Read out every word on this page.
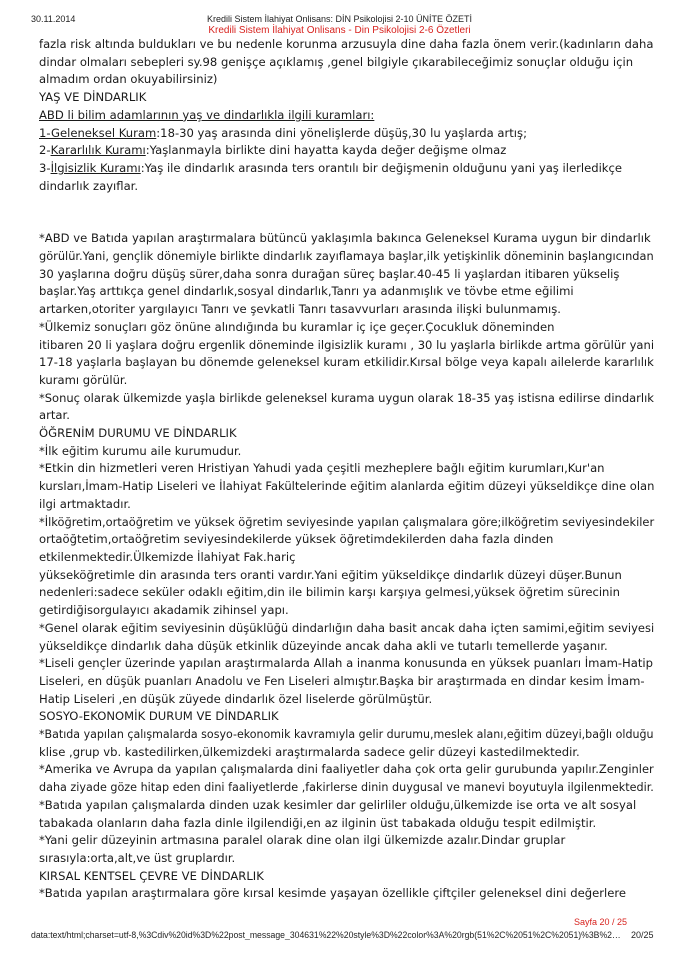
30.11.2014	Kredili Sistem İlahiyat Onlisans: DİN Psikolojisi 2-10 ÜNİTE ÖZETİ
Kredili Sistem İlahiyat Onlisans - Din Psikolojisi 2-6 Özetleri
fazla risk altında buldukları ve bu nedenle korunma arzusuyla dine daha fazla önem verir.(kadınların daha
dindar olmaları sebepleri sy.98 genişçe açıklamış ,genel bilgiyle çıkarabileceğimiz sonuçlar olduğu için
almadım ordan okuyabilirsiniz)
YAŞ VE DİNDARLIK
ABD li bilim adamlarının yaş ve dindarlıkla ilgili kuramları:
1-Geleneksel Kuram:18-30 yaş arasında dini yönelişlerde düşüş,30 lu yaşlarda artış;
2-Kararlılık Kuramı:Yaşlanmayla birlikte dini hayatta kayda değer değişme olmaz
3-İlgisizlik Kuramı:Yaş ile dindarlık arasında ters orantılı bir değişmenin olduğunu yani yaş ilerledikçe
dindarlık zayıflar.
*ABD ve Batıda yapılan araştırmalara bütüncü yaklaşımla bakınca Geleneksel Kurama uygun bir dindarlık
görülür.Yani, gençlik dönemiyle birlikte dindarlık zayıflamaya başlar,ilk yetişkinlik döneminin başlangıcından
30 yaşlarına doğru düşüş sürer,daha sonra durağan süreç başlar.40-45 li yaşlardan itibaren yükseliş
başlar.Yaş arttıkça genel dindarlık,sosyal dindarlık,Tanrı ya adanmışlık ve tövbe etme eğilimi
artarken,otoriter yargılayıcı Tanrı ve şevkatli Tanrı tasavvurları arasında ilişki bulunmamış.
*Ülkemiz sonuçları göz önüne alındığında bu kuramlar iç içe geçer.Çocukluk döneminden
itibaren 20 li yaşlara doğru ergenlik döneminde ilgisizlik kuramı , 30 lu yaşlarla birlikde artma görülür yani
17-18 yaşlarla başlayan bu dönemde geleneksel kuram etkilidir.Kırsal bölge veya kapalı ailelerde kararlılık
kuramı görülür.
*Sonuç olarak ülkemizde yaşla birlikde geleneksel kurama uygun olarak 18-35 yaş istisna edilirse dindarlık
artar.
ÖĞRENİM DURUMU VE DİNDARLIK
*İlk eğitim kurumu aile kurumudur.
*Etkin din hizmetleri veren Hristiyan Yahudi yada çeşitli mezheplere bağlı eğitim kurumları,Kur'an
kursları,İmam-Hatip Liseleri ve İlahiyat Fakültelerinde eğitim alanlarda eğitim düzeyi yükseldikçe dine olan
ilgi artmaktadır.
*İlköğretim,ortaöğretim ve yüksek öğretim seviyesinde yapılan çalışmalara göre;ilköğretim seviyesindekiler
ortaöğtetim,ortaöğretim seviyesindekilerde yüksek öğretimdekilerden daha fazla dinden
etkilenmektedir.Ülkemizde İlahiyat Fak.hariç
yükseköğretimle din arasında ters oranti vardır.Yani eğitim yükseldikçe dindarlık düzeyi düşer.Bunun
nedenleri:sadece seküler odaklı eğitim,din ile bilimin karşı karşıya gelmesi,yüksek öğretim sürecinin
getirdiğisorgulayıcı akadamik zihinsel yapı.
*Genel olarak eğitim seviyesinin düşüklüğü dindarlığın daha basit ancak daha içten samimi,eğitim seviyesi
yükseldikçe dindarlık daha düşük etkinlik düzeyinde ancak daha akli ve tutarlı temellerde yaşanır.
*Liseli gençler üzerinde yapılan araştırmalarda Allah a inanma konusunda en yüksek puanları İmam-Hatip
Liseleri, en düşük puanları Anadolu ve Fen Liseleri almıştır.Başka bir araştırmada en dindar kesim İmam-
Hatip Liseleri ,en düşük züyede dindarlık özel liselerde görülmüştür.
SOSYO-EKONOMİK DURUM VE DİNDARLIK
*Batıda yapılan çalışmalarda sosyo-ekonomik kavramıyla gelir durumu,meslek alanı,eğitim düzeyi,bağlı olduğu
klise ,grup vb. kastedilirken,ülkemizdeki araştırmalarda sadece gelir düzeyi kastedilmektedir.
*Amerika ve Avrupa da yapılan çalışmalarda dini faaliyetler daha çok orta gelir gurubunda yapılır.Zenginler
daha ziyade göze hitap eden dini faaliyetlerde ,fakirlerse dinin duygusal ve manevi boyutuyla ilgilenmektedir.
*Batıda yapılan çalışmalarda dinden uzak kesimler dar gelirliler olduğu,ülkemizde ise orta ve alt sosyal
tabakada olanların daha fazla dinle ilgilendiği,en az ilginin üst tabakada olduğu tespit edilmiştir.
*Yani gelir düzeyinin artmasına paralel olarak dine olan ilgi ülkemizde azalır.Dindar gruplar
sırasıyla:orta,alt,ve üst gruplardır.
KIRSAL KENTSEL ÇEVRE VE DİNDARLIK
*Batıda yapılan araştırmalara göre kırsal kesimde yaşayan özellikle çiftçiler geleneksel dini değerlere
Sayfa 20 / 25
data:text/html;charset=utf-8,%3Cdiv%20id%3D%22post_message_304631%22%20style%3D%22color%3A%20rgb(51%2C%2051%2C%2051)%3B%2… 20/25
